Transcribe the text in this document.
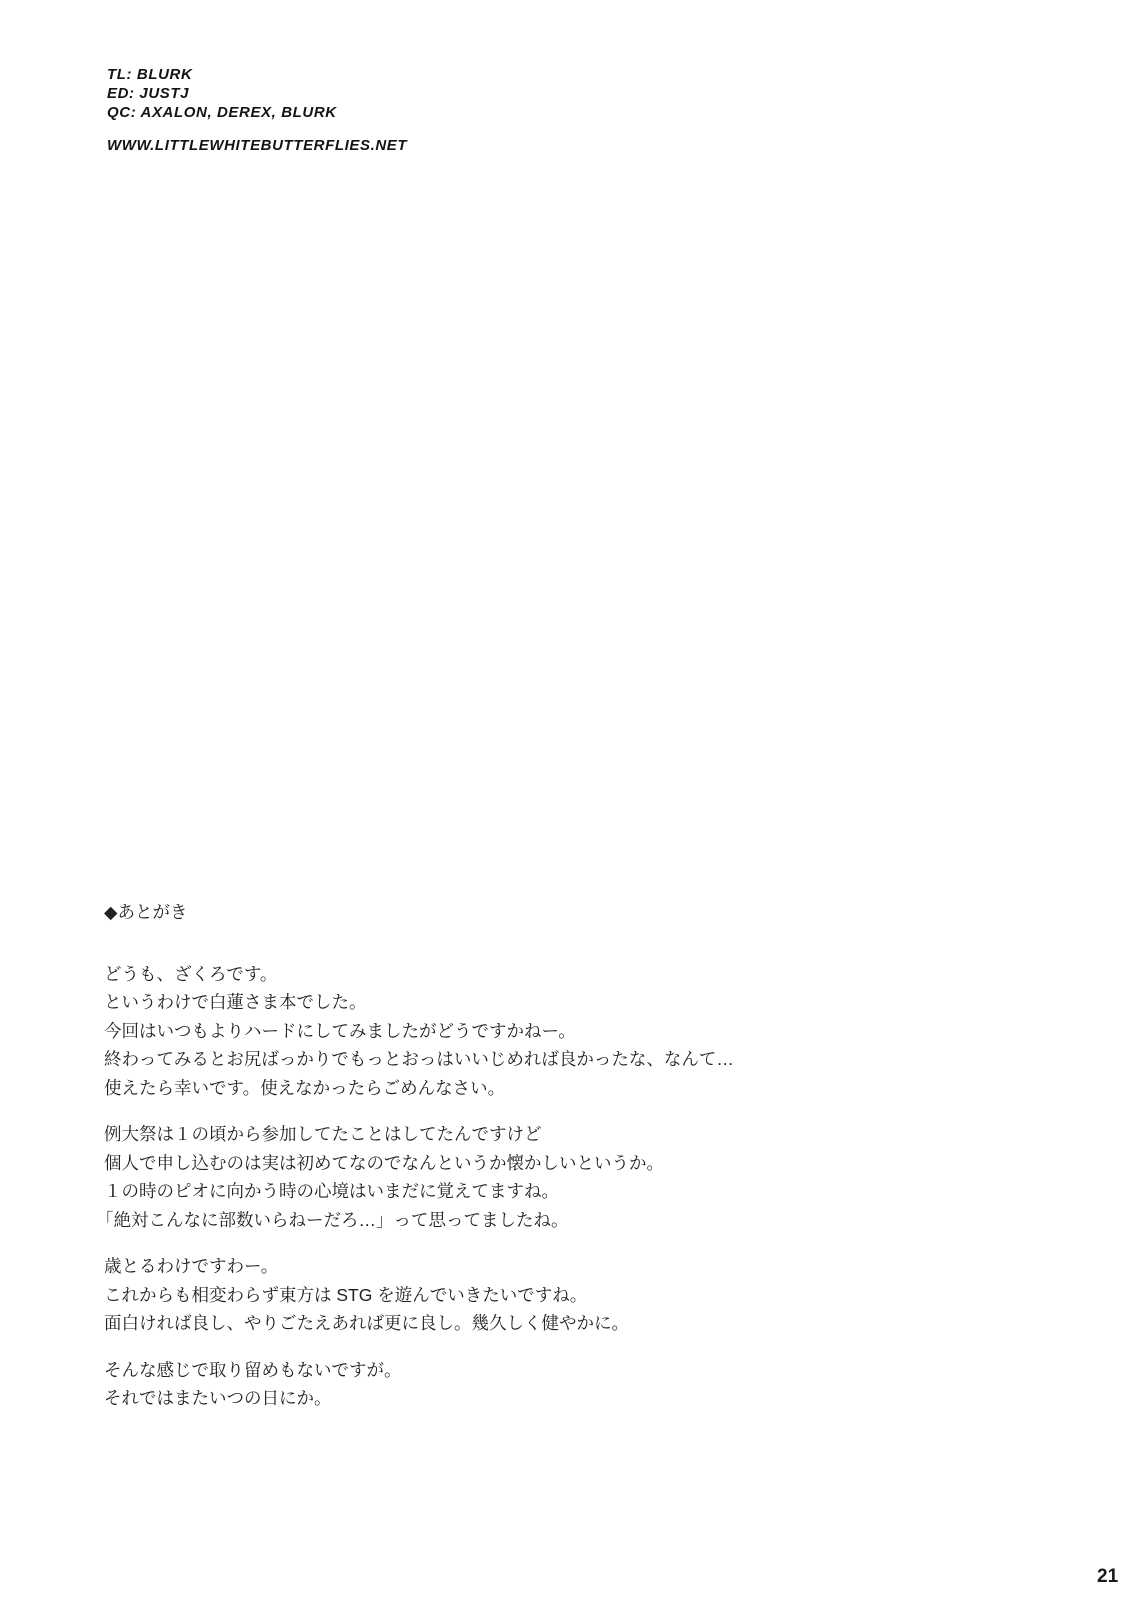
TL: BLURK
ED: JUSTJ
QC: AXALON, DEREX, BLURK
WWW.LITTLEWHITEBUTTERFLIES.NET
◆あとがき
どうも、ざくろです。
というわけで白蓮さま本でした。
今回はいつもよりハードにしてみましたがどうですかねー。
終わってみるとお尻ばっかりでもっとおっはいいじめれば良かったな、なんて…
使えたら幸いです。使えなかったらごめんなさい。
例大祭は１の頃から参加してたことはしてたんですけど
個人で申し込むのは実は初めてなのでなんというか懐かしいというか。
１の時のピオに向かう時の心境はいまだに覚えてますね。
「絶対こんなに部数いらねーだろ…」って思ってましたね。
歳とるわけですわー。
これからも相変わらず東方は STG を遊んでいきたいですね。
面白ければ良し、やりごたえあれば更に良し。幾久しく健やかに。
そんな感じで取り留めもないですが。
それではまたいつの日にか。
21
